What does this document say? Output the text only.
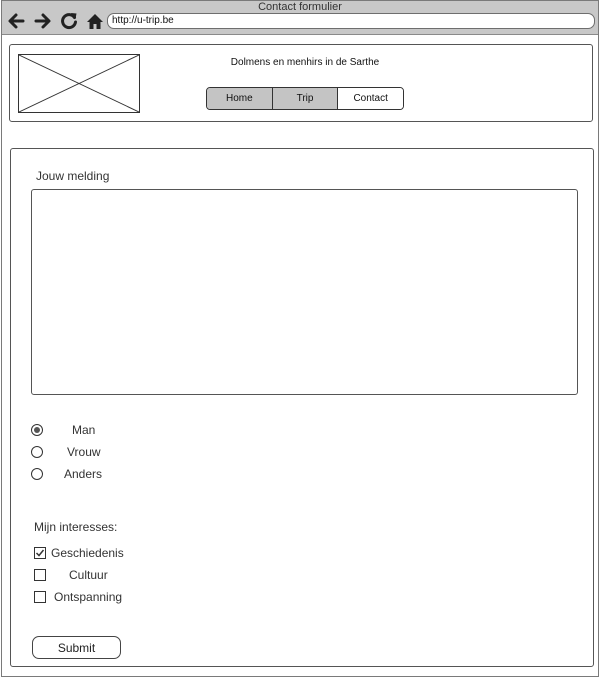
Contact formulier
http://u-trip.be
Dolmens en menhirs in de Sarthe
Home	Trip	Contact
Jouw melding
Man
Vrouw
Anders
Mijn interesses:
Geschiedenis
Cultuur
Ontspanning
Submit
